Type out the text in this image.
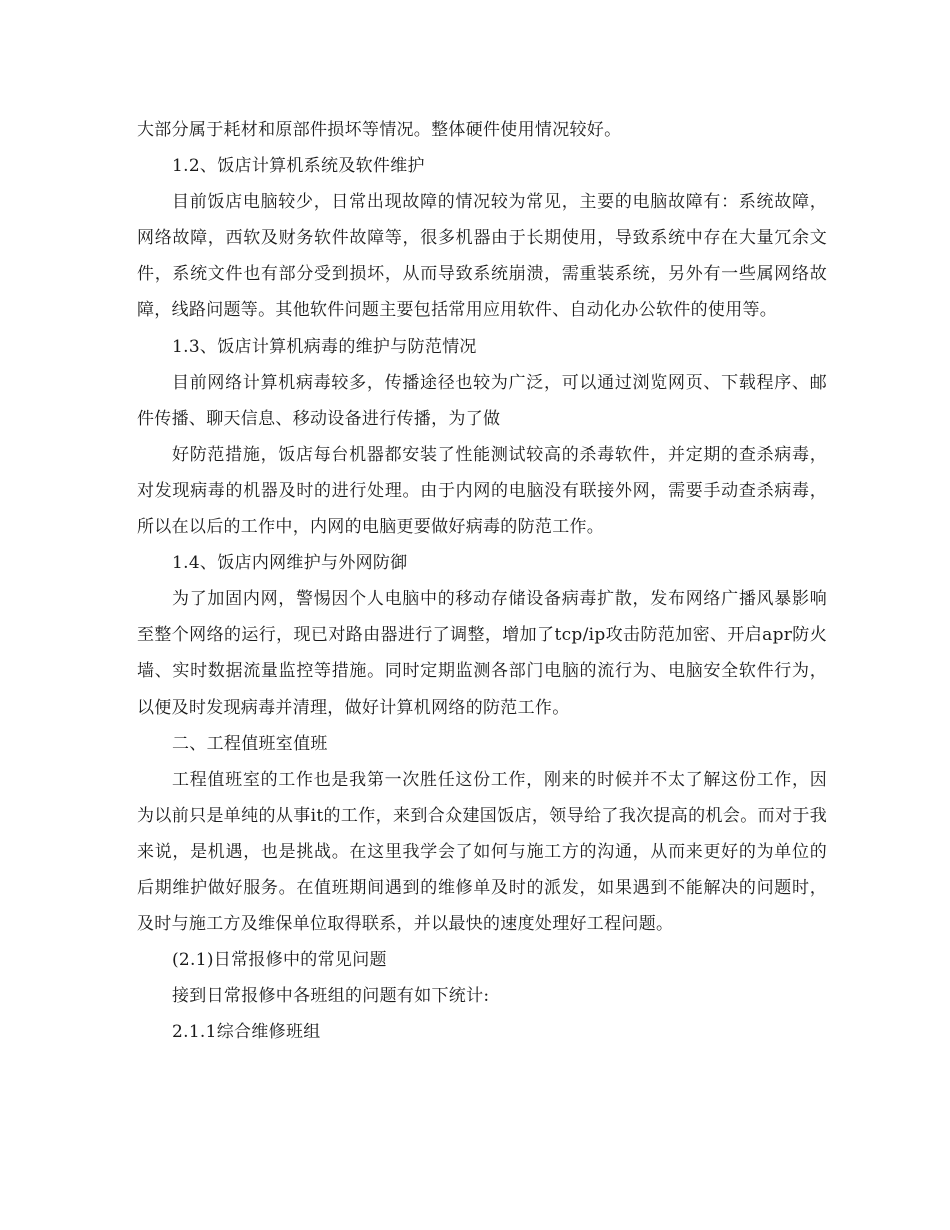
大部分属于耗材和原部件损坏等情况。整体硬件使用情况较好。

1.2、饭店计算机系统及软件维护

目前饭店电脑较少，日常出现故障的情况较为常见，主要的电脑故障有：系统故障，网络故障，西软及财务软件故障等，很多机器由于长期使用，导致系统中存在大量冗余文件，系统文件也有部分受到损坏，从而导致系统崩溃，需重装系统，另外有一些属网络故障，线路问题等。其他软件问题主要包括常用应用软件、自动化办公软件的使用等。

1.3、饭店计算机病毒的维护与防范情况

目前网络计算机病毒较多，传播途径也较为广泛，可以通过浏览网页、下载程序、邮件传播、聊天信息、移动设备进行传播，为了做

好防范措施，饭店每台机器都安装了性能测试较高的杀毒软件，并定期的查杀病毒，对发现病毒的机器及时的进行处理。由于内网的电脑没有联接外网，需要手动查杀病毒，所以在以后的工作中，内网的电脑更要做好病毒的防范工作。

1.4、饭店内网维护与外网防御

为了加固内网，警惕因个人电脑中的移动存储设备病毒扩散，发布网络广播风暴影响至整个网络的运行，现已对路由器进行了调整，增加了tcp/ip攻击防范加密、开启apr防火墙、实时数据流量监控等措施。同时定期监测各部门电脑的流行为、电脑安全软件行为，以便及时发现病毒并清理，做好计算机网络的防范工作。

二、工程值班室值班

工程值班室的工作也是我第一次胜任这份工作，刚来的时候并不太了解这份工作，因为以前只是单纯的从事it的工作，来到合众建国饭店，领导给了我次提高的机会。而对于我来说，是机遇，也是挑战。在这里我学会了如何与施工方的沟通，从而来更好的为单位的后期维护做好服务。在值班期间遇到的维修单及时的派发，如果遇到不能解决的问题时，及时与施工方及维保单位取得联系，并以最快的速度处理好工程问题。

(2.1)日常报修中的常见问题

接到日常报修中各班组的问题有如下统计:

2.1.1综合维修班组
